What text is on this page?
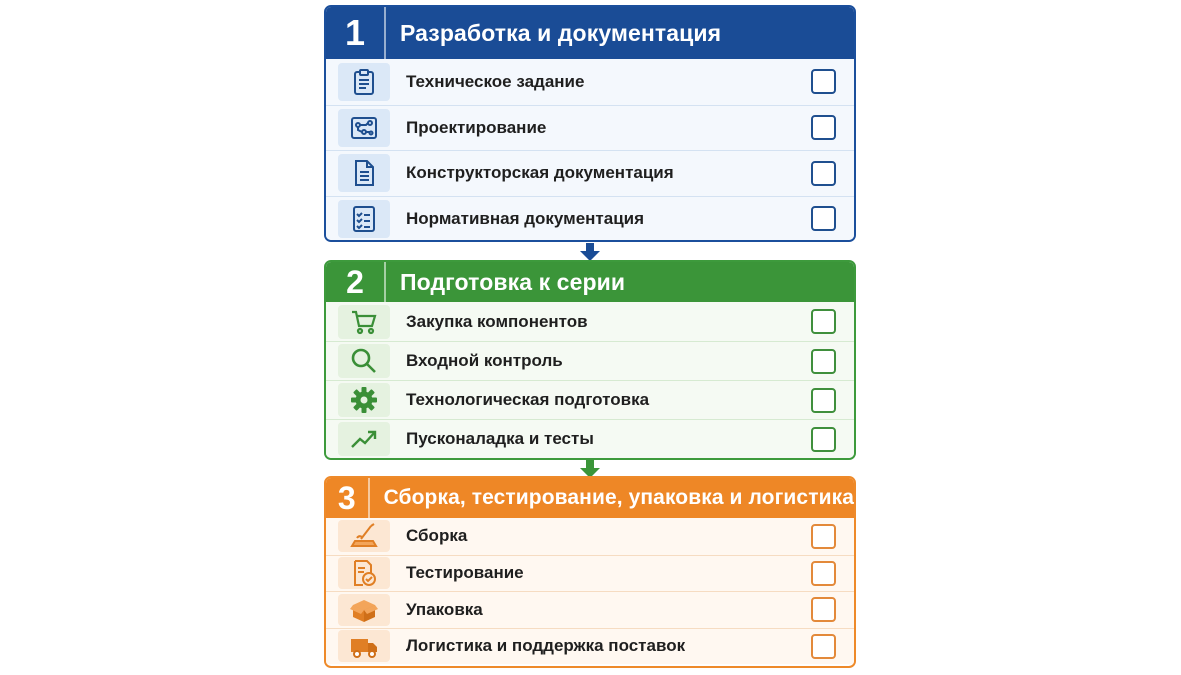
1	Разработка и документация
Техническое задание
Проектирование
Конструкторская документация
Нормативная документация
2	Подготовка к серии
Закупка компонентов
Входной контроль
Технологическая подготовка
Пусконаладка и тесты
3	Сборка, тестирование, упаковка и логистика
Сборка
Тестирование
Упаковка
Логистика и поддержка поставок
